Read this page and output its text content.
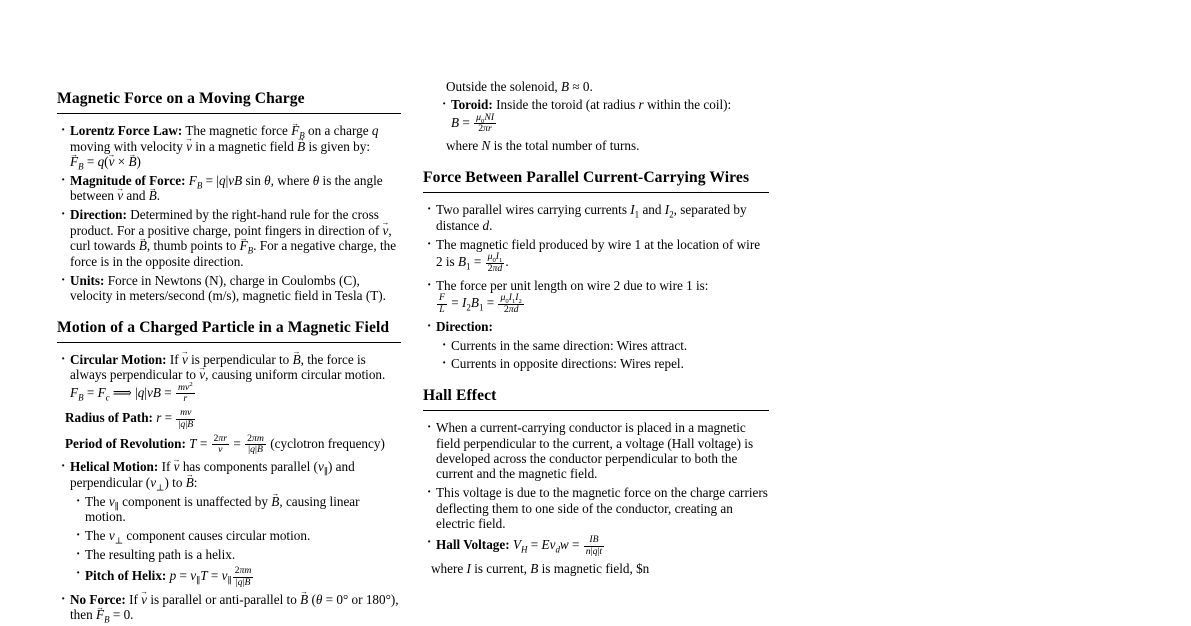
Magnetic Force on a Moving Charge
· Lorentz Force Law: The magnetic force → $F_B$ on a charge q moving with velocity → v in a magnetic field → B is given by:
→ $F_B = q(\to v$ × → B)
· Magnitude of Force: $F_B = |q|vB$ sin θ, where θ is the angle between → v and → B.
· Direction: Determined by the right-hand rule for the cross product. For a positive charge, point fingers in direction of → v, curl towards → B, thumb points to → $F_B$. For a negative charge, the force is in the opposite direction.
· Units: Force in Newtons (N), charge in Coulombs (C), velocity in meters/second (m/s), magnetic field in Tesla (T).
Motion of a Charged Particle in a Magnetic Field
· Circular Motion: If → v is perpendicular to → B, the force is always perpendicular to → v, causing uniform circular motion.
$F_B = F_c$ ⟹ $|q|vB = \frac{mv^2}{r}$
Radius of Path: $r = \frac{mv}{|q|B}$
Period of Revolution: $T = \frac{2\pi r}{v} = \frac{2\pi m}{|q|B}$ (cyclotron frequency)
· Helical Motion: If → v has components parallel $(v_\parallel)$ and perpendicular $(v_\perp)$ to → B:
· The $v_\parallel$ component is unaffected by → B, causing linear motion.
· The $v_\perp$ component causes circular motion.
· The resulting path is a helix.
· Pitch of Helix: $p = v_\parallel T = v_\parallel \frac{2\pi m}{|q|B}$
· No Force: If → v is parallel or anti-parallel to → B (θ = 0° or 180°), then → $F_B = 0$.
Outside the solenoid, B ≈ 0.
· Toroid: Inside the toroid (at radius r within the coil):
$B = \frac{\mu_0NI}{2\pi r}$
where N is the total number of turns.
Force Between Parallel Current-Carrying Wires
· Two parallel wires carrying currents $I_1$ and $I_2$, separated by distance d.
· The magnetic field produced by wire 1 at the location of wire 2 is $B_1 = \frac{\mu_0I_1}{2\pi d}$ .
· The force per unit length on wire 2 due to wire 1 is:

$\frac{F}{L} = I_2B_1 = \frac{\mu_0I_1I_2}{2\pi d}$
· Direction:
· Currents in the same direction: Wires attract.
· Currents in opposite directions: Wires repel.
Hall Effect
· When a current-carrying conductor is placed in a magnetic field perpendicular to the current, a voltage (Hall voltage) is developed across the conductor perpendicular to both the current and the magnetic field.
· This voltage is due to the magnetic force on the charge carriers deflecting them to one side of the conductor, creating an electric field.
· Hall Voltage: $V_H = Ev_dw = \frac{IB}{n|q|t}$
where I is current, B is magnetic field, $n
